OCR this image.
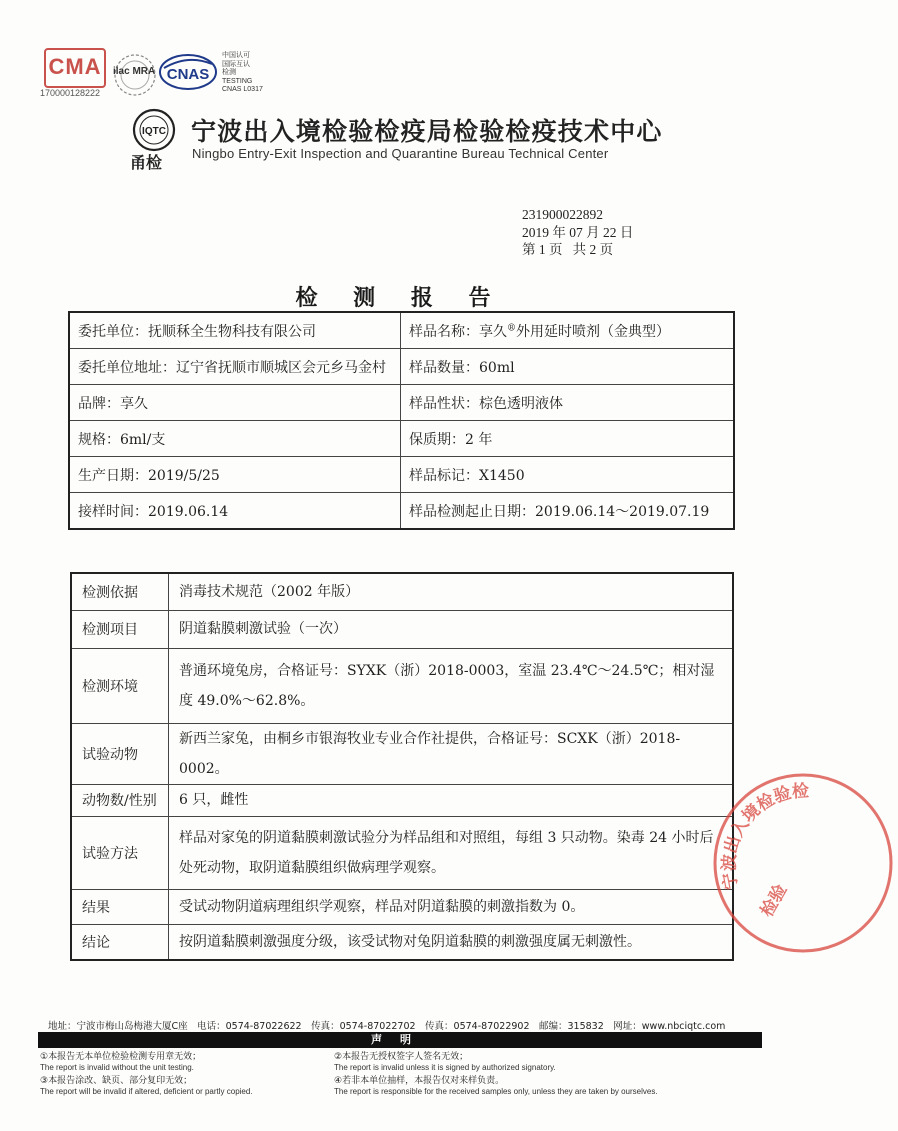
CMA
170000128222
ilac MRA CNAS
中国认可
国际互认
检测
TESTING
CNAS L0317
IQTC
甬检
宁波出入境检验检疫局检验检疫技术中心
Ningbo Entry-Exit Inspection and Quarantine Bureau Technical Center
231900022892
2019 年 07 月 22 日
第 1 页   共 2 页
检 测 报 告
委托单位：抚顺秝全生物科技有限公司	样品名称：享久®外用延时喷剂（金典型）
委托单位地址：辽宁省抚顺市顺城区会元乡马金村	样品数量：60ml
品牌：享久	样品性状：棕色透明液体
规格：6ml/支	保质期：2 年
生产日期：2019/5/25	样品标记：X1450
接样时间：2019.06.14	样品检测起止日期：2019.06.14～2019.07.19
检测依据	消毒技术规范（2002 年版）
检测项目	阴道黏膜刺激试验（一次）
检测环境	普通环境兔房，合格证号：SYXK（浙）2018-0003，室温 23.4℃～24.5℃；相对湿度 49.0%～62.8%。
试验动物	新西兰家兔，由桐乡市银海牧业专业合作社提供，合格证号：SCXK（浙）2018-0002。
动物数/性别	6 只，雌性
试验方法	样品对家兔的阴道黏膜刺激试验分为样品组和对照组，每组 3 只动物。染毒 24 小时后处死动物，取阴道黏膜组织做病理学观察。
结果	受试动物阴道病理组织学观察，样品对阴道黏膜的刺激指数为 0。
结论	按阴道黏膜刺激强度分级，该受试物对兔阴道黏膜的刺激强度属无刺激性。
宁波出入境检验检
检验
地址：宁波市梅山岛梅港大厦C座　电话：0574-87022622　传真：0574-87022702　传真：0574-87022902　邮编：315832　网址：www.nbciqtc.com
声明
①本报告无本单位检验检测专用章无效；
The report is invalid without the unit testing.
②本报告无授权签字人签名无效；
The report is invalid unless it is signed by authorized signatory.
③本报告涂改、缺页、部分复印无效；
The report will be invalid if altered, deficient or partly copied.
④若非本单位抽样，本报告仅对来样负责。
The report is responsible for the received samples only, unless they are taken by ourselves.
